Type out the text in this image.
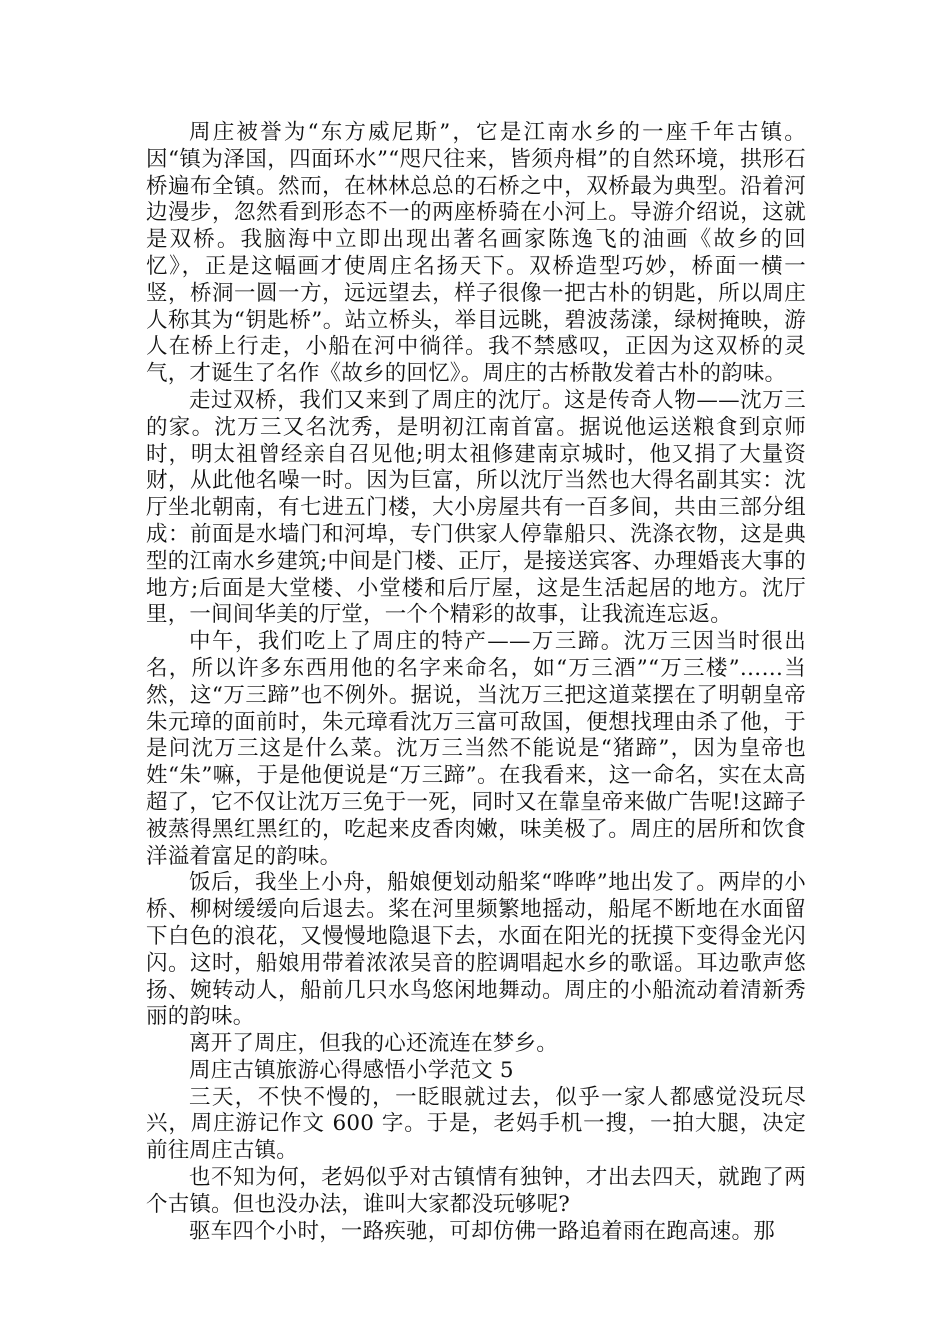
周庄被誉为“东方威尼斯”，它是江南水乡的一座千年古镇。因“镇为泽国，四面环水”“咫尺往来，皆须舟楫”的自然环境，拱形石桥遍布全镇。然而，在林林总总的石桥之中，双桥最为典型。沿着河边漫步，忽然看到形态不一的两座桥骑在小河上。导游介绍说，这就是双桥。我脑海中立即出现出著名画家陈逸飞的油画《故乡的回忆》，正是这幅画才使周庄名扬天下。双桥造型巧妙，桥面一横一竖，桥洞一圆一方，远远望去，样子很像一把古朴的钥匙，所以周庄人称其为“钥匙桥”。站立桥头，举目远眺，碧波荡漾，绿树掩映，游人在桥上行走，小船在河中徜徉。我不禁感叹，正因为这双桥的灵气，才诞生了名作《故乡的回忆》。周庄的古桥散发着古朴的韵味。

走过双桥，我们又来到了周庄的沈厅。这是传奇人物——沈万三的家。沈万三又名沈秀，是明初江南首富。据说他运送粮食到京师时，明太祖曾经亲自召见他;明太祖修建南京城时，他又捐了大量资财，从此他名噪一时。因为巨富，所以沈厅当然也大得名副其实：沈厅坐北朝南，有七进五门楼，大小房屋共有一百多间，共由三部分组成：前面是水墙门和河埠，专门供家人停靠船只、洗涤衣物，这是典型的江南水乡建筑;中间是门楼、正厅，是接送宾客、办理婚丧大事的地方;后面是大堂楼、小堂楼和后厅屋，这是生活起居的地方。沈厅里，一间间华美的厅堂，一个个精彩的故事，让我流连忘返。

中午，我们吃上了周庄的特产——万三蹄。沈万三因当时很出名，所以许多东西用他的名字来命名，如“万三酒”“万三楼”……当然，这“万三蹄”也不例外。据说，当沈万三把这道菜摆在了明朝皇帝朱元璋的面前时，朱元璋看沈万三富可敌国，便想找理由杀了他，于是问沈万三这是什么菜。沈万三当然不能说是“猪蹄”，因为皇帝也姓“朱”嘛，于是他便说是“万三蹄”。在我看来，这一命名，实在太高超了，它不仅让沈万三免于一死，同时又在靠皇帝来做广告呢!这蹄子被蒸得黑红黑红的，吃起来皮香肉嫩，味美极了。周庄的居所和饮食洋溢着富足的韵味。

饭后，我坐上小舟，船娘便划动船桨“哗哗”地出发了。两岸的小桥、柳树缓缓向后退去。桨在河里频繁地摇动，船尾不断地在水面留下白色的浪花，又慢慢地隐退下去，水面在阳光的抚摸下变得金光闪闪。这时，船娘用带着浓浓吴音的腔调唱起水乡的歌谣。耳边歌声悠扬、婉转动人，船前几只水鸟悠闲地舞动。周庄的小船流动着清新秀丽的韵味。

离开了周庄，但我的心还流连在梦乡。

周庄古镇旅游心得感悟小学范文 5

三天，不快不慢的，一眨眼就过去，似乎一家人都感觉没玩尽兴，周庄游记作文 600 字。于是，老妈手机一搜，一拍大腿，决定前往周庄古镇。

也不知为何，老妈似乎对古镇情有独钟，才出去四天，就跑了两个古镇。但也没办法，谁叫大家都没玩够呢?

驱车四个小时，一路疾驰，可却仿佛一路追着雨在跑高速。那
